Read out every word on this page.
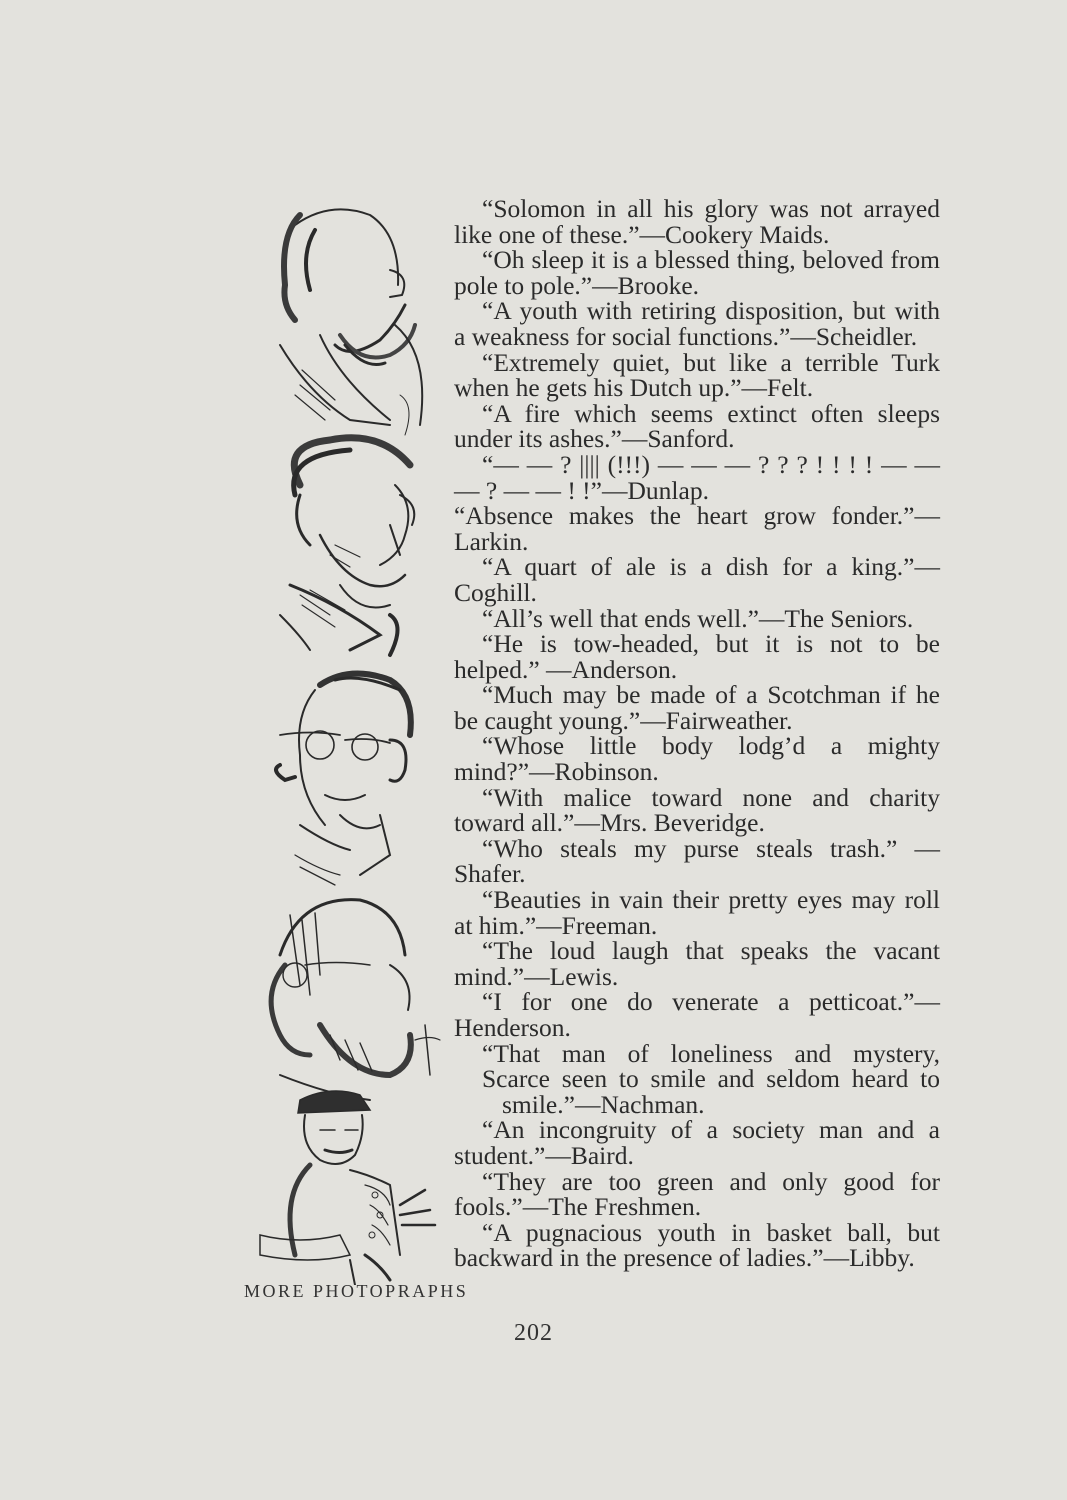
“Solomon in all his glory was not arrayed like one of these.”—Cookery Maids.

“Oh sleep it is a blessed thing, beloved from pole to pole.”—Brooke.

“A youth with retiring disposition, but with a weakness for social functions.”—Scheidler.

“Extremely quiet, but like a terrible Turk when he gets his Dutch up.”—Felt.

“A fire which seems extinct often sleeps under its ashes.”—Sanford.

“— — ? |||| (!!!) — — — ? ? ? ! ! ! ! — — — ? — — ! !”—Dunlap.

“Absence makes the heart grow fonder.”—Larkin.

“A quart of ale is a dish for a king.”—Coghill.

“All’s well that ends well.”—The Seniors.

“He is tow-headed, but it is not to be helped.” —Anderson.

“Much may be made of a Scotchman if he be caught young.”—Fairweather.

“Whose little body lodg’d a mighty mind?”—Robinson.

“With malice toward none and charity toward all.”—Mrs. Beveridge.

“Who steals my purse steals trash.” —Shafer.

“Beauties in vain their pretty eyes may roll at him.”—Freeman.

“The loud laugh that speaks the vacant mind.”—Lewis.

“I for one do venerate a petticoat.”—Henderson.

“That man of loneliness and mystery,

Scarce seen to smile and seldom heard to

smile.”—Nachman.

“An incongruity of a society man and a student.”—Baird.

“They are too green and only good for fools.”—The Freshmen.

“A pugnacious youth in basket ball, but backward in the presence of ladies.”—Libby.

MORE PHOTOPRAPHS
202
